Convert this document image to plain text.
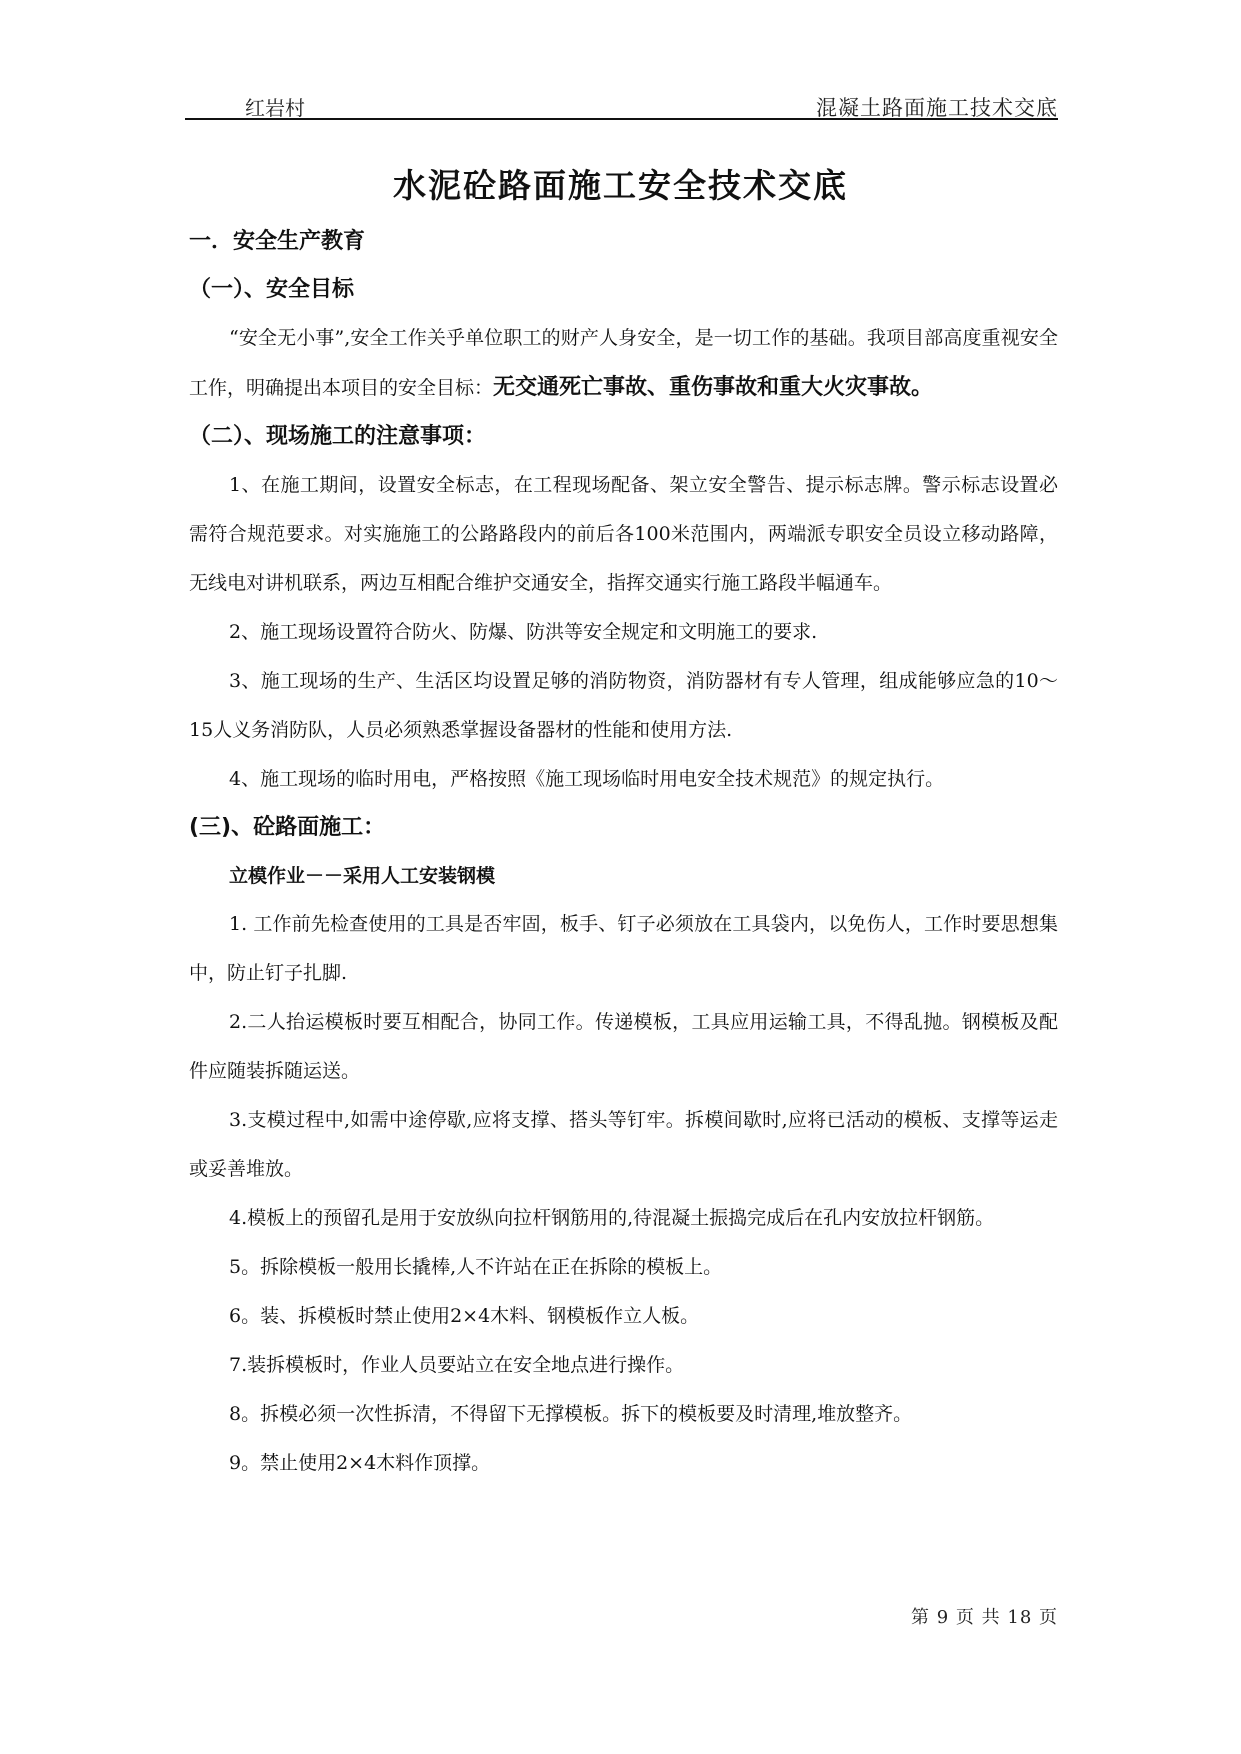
红岩村	混凝土路面施工技术交底
水泥砼路面施工安全技术交底
一．安全生产教育
（一）、安全目标

“安全无小事”,安全工作关乎单位职工的财产人身安全，是一切工作的基础。我项目部高度重视安全工作，明确提出本项目的安全目标：无交通死亡事故、重伤事故和重大火灾事故。

（二）、现场施工的注意事项：

1、在施工期间，设置安全标志，在工程现场配备、架立安全警告、提示标志牌。警示标志设置必需符合规范要求。对实施施工的公路路段内的前后各100米范围内，两端派专职安全员设立移动路障，无线电对讲机联系，两边互相配合维护交通安全，指挥交通实行施工路段半幅通车。

2、施工现场设置符合防火、防爆、防洪等安全规定和文明施工的要求.

3、施工现场的生产、生活区均设置足够的消防物资，消防器材有专人管理，组成能够应急的10～15人义务消防队，人员必须熟悉掌握设备器材的性能和使用方法.

4、施工现场的临时用电，严格按照《施工现场临时用电安全技术规范》的规定执行。

(三)、砼路面施工：
立模作业－－采用人工安装钢模

1. 工作前先检查使用的工具是否牢固，板手、钉子必须放在工具袋内，以免伤人，工作时要思想集中，防止钉子扎脚.

2.二人抬运模板时要互相配合，协同工作。传递模板，工具应用运输工具，不得乱抛。钢模板及配件应随装拆随运送。

3.支模过程中,如需中途停歇,应将支撑、搭头等钉牢。拆模间歇时,应将已活动的模板、支撑等运走或妥善堆放。

4.模板上的预留孔是用于安放纵向拉杆钢筋用的,待混凝土振捣完成后在孔内安放拉杆钢筋。

5。拆除模板一般用长撬棒,人不许站在正在拆除的模板上。

6。装、拆模板时禁止使用2×4木料、钢模板作立人板。

7.装拆模板时，作业人员要站立在安全地点进行操作。

8。拆模必须一次性拆清，不得留下无撑模板。拆下的模板要及时清理,堆放整齐。

9。禁止使用2×4木料作顶撑。

第 9 页 共 18 页
